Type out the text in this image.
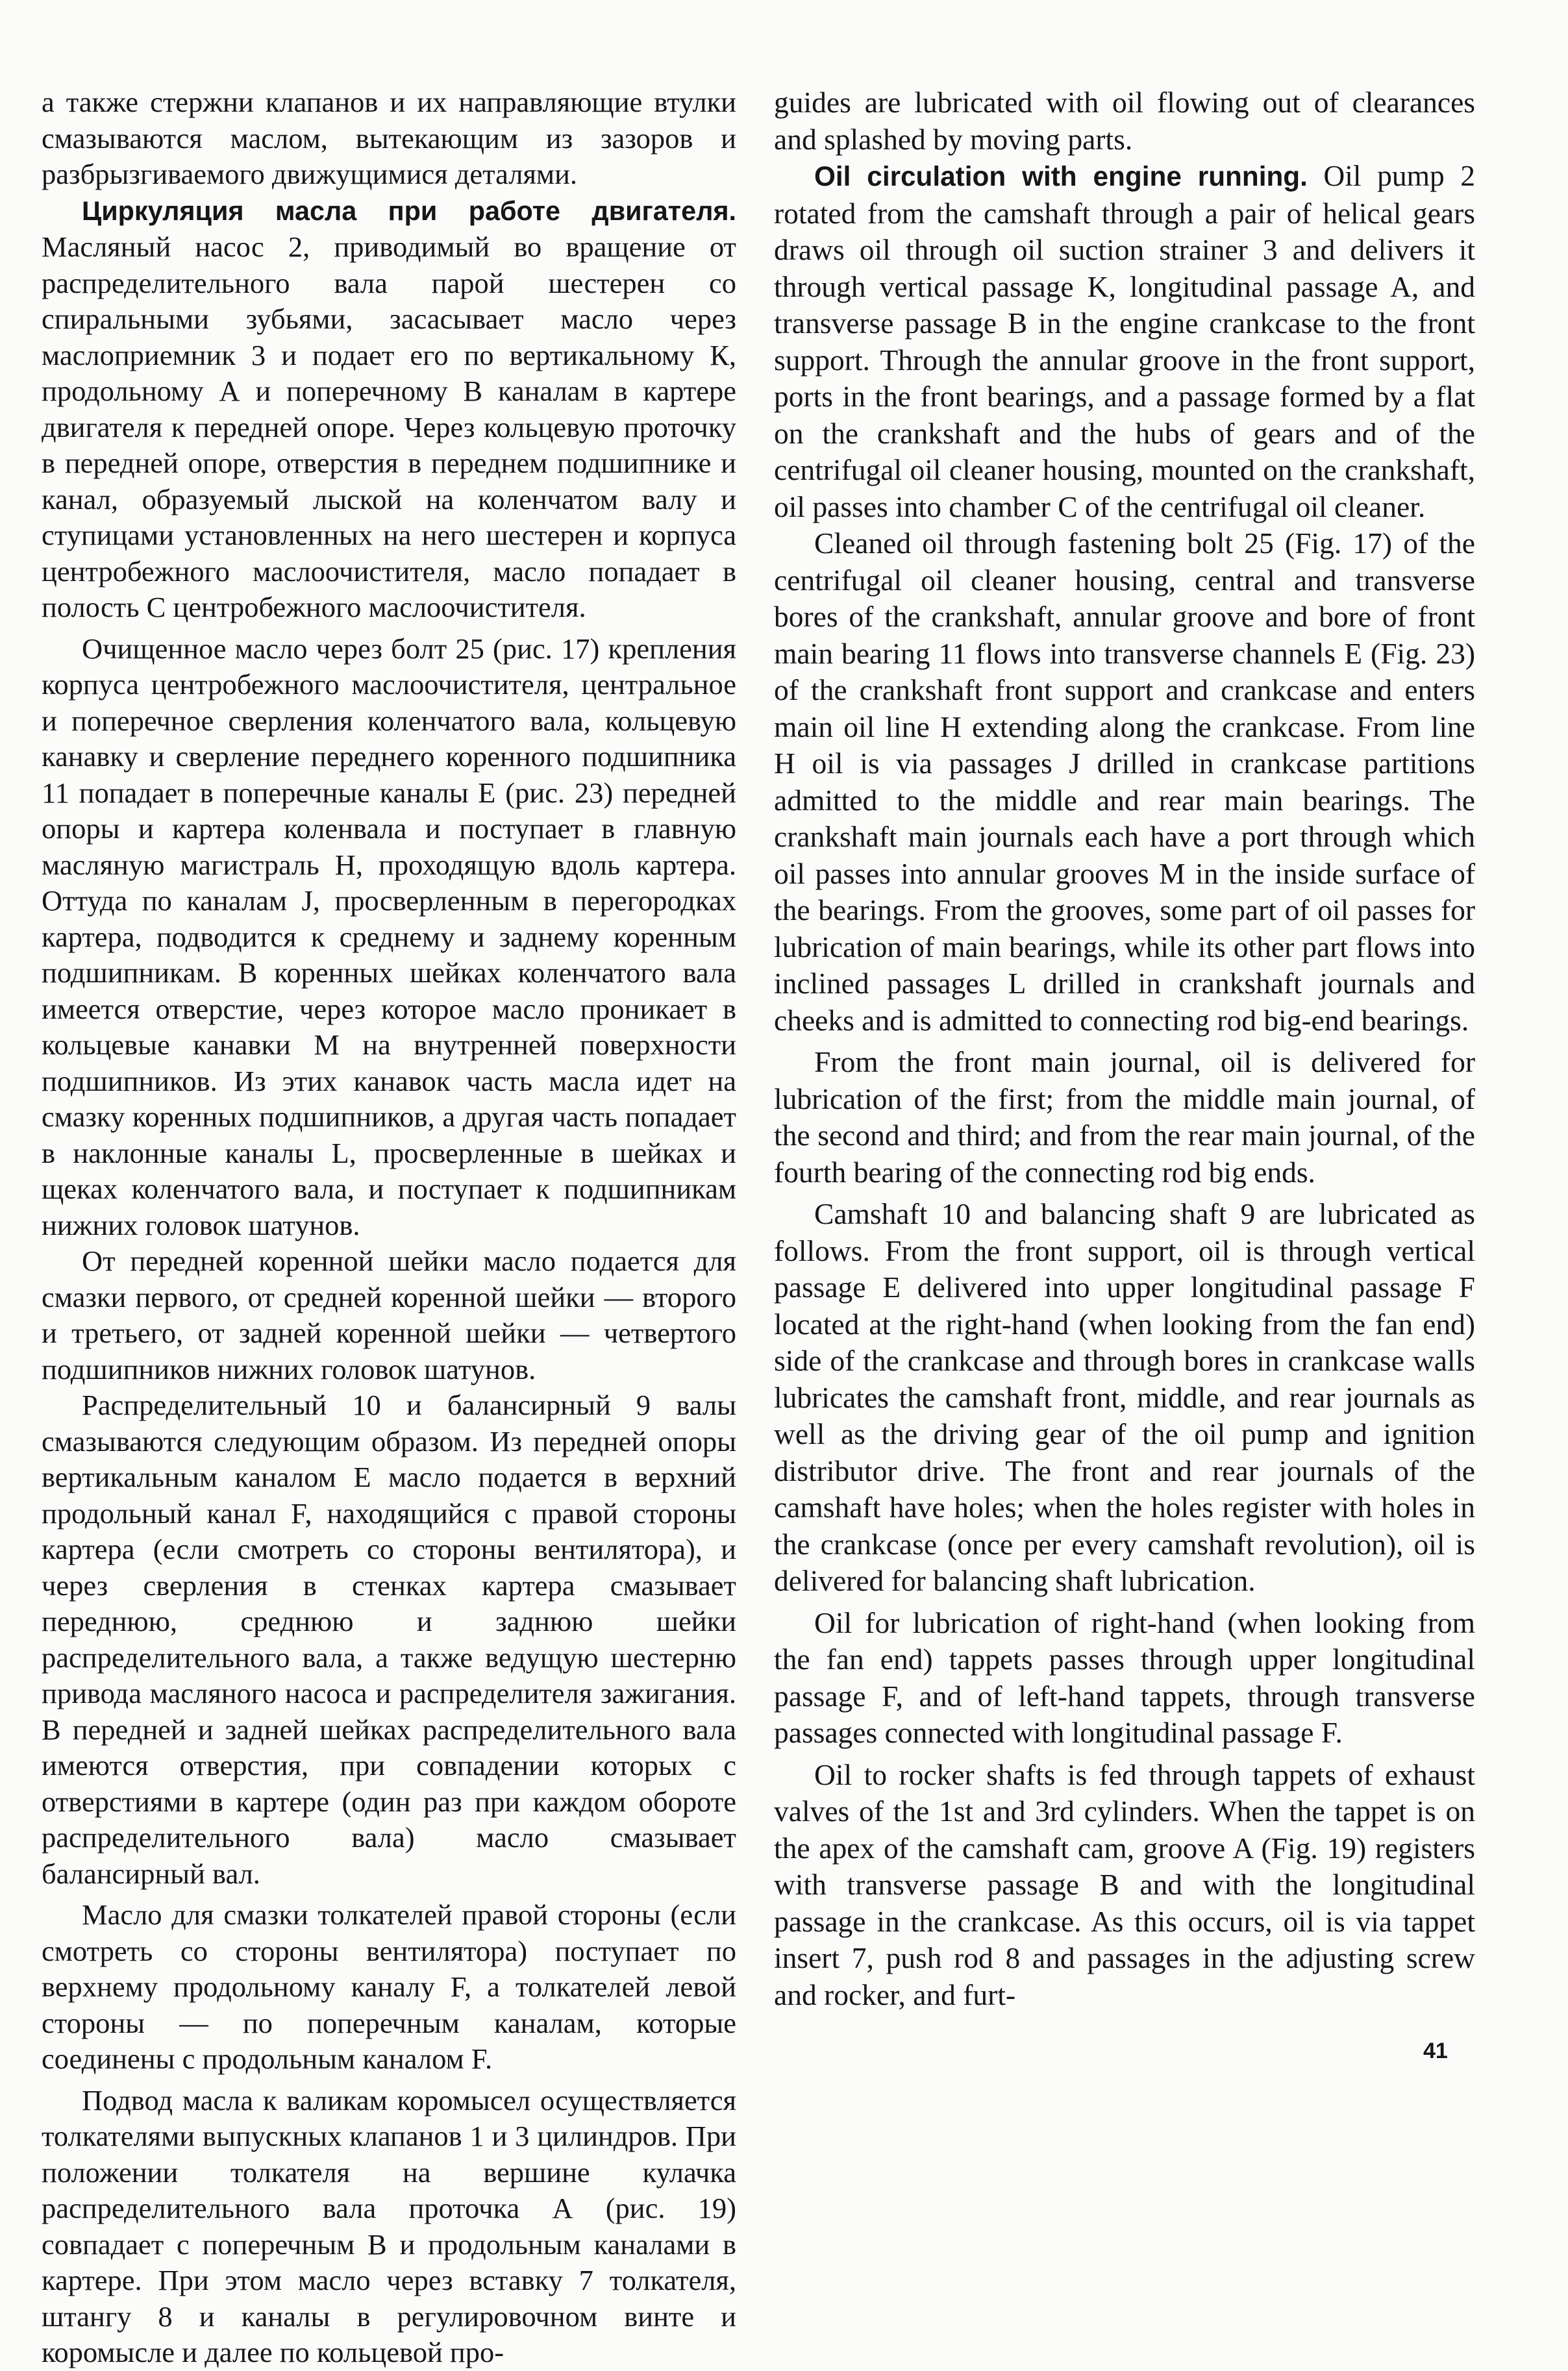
а также стержни клапанов и их направляющие втулки смазываются маслом, вытекающим из зазоров и разбрызгиваемого движущимися деталями.

Циркуляция масла при работе двигателя. Масляный насос 2, приводимый во вращение от распределительного вала парой шестерен со спиральными зубьями, засасывает масло через маслоприемник 3 и подает его по вертикальному К, продольному А и поперечному В каналам в картере двигателя к передней опоре. Через кольцевую проточку в передней опоре, отверстия в переднем подшипнике и канал, образуемый лыской на коленчатом валу и ступицами установленных на него шестерен и корпуса центробежного маслоочистителя, масло попадает в полость С центробежного маслоочистителя.

Очищенное масло через болт 25 (рис. 17) крепления корпуса центробежного маслоочистителя, центральное и поперечное сверления коленчатого вала, кольцевую канавку и сверление переднего коренного подшипника 11 попадает в поперечные каналы Е (рис. 23) передней опоры и картера коленвала и поступает в главную масляную магистраль Н, проходящую вдоль картера. Оттуда по каналам J, просверленным в перегородках картера, подводится к среднему и заднему коренным подшипникам. В коренных шейках коленчатого вала имеется отверстие, через которое масло проникает в кольцевые канавки М на внутренней поверхности подшипников. Из этих канавок часть масла идет на смазку коренных подшипников, а другая часть попадает в наклонные каналы L, просверленные в шейках и щеках коленчатого вала, и поступает к подшипникам нижних головок шатунов.

От передней коренной шейки масло подается для смазки первого, от средней коренной шейки — второго и третьего, от задней коренной шейки — четвертого подшипников нижних головок шатунов.

Распределительный 10 и балансирный 9 валы смазываются следующим образом. Из передней опоры вертикальным каналом Е масло подается в верхний продольный канал F, находящийся с правой стороны картера (если смотреть со стороны вентилятора), и через сверления в стенках картера смазывает переднюю, среднюю и заднюю шейки распределительного вала, а также ведущую шестерню привода масляного насоса и распределителя зажигания. В передней и задней шейках распределительного вала имеются отверстия, при совпадении которых с отверстиями в картере (один раз при каждом обороте распределительного вала) масло смазывает балансирный вал.

Масло для смазки толкателей правой стороны (если смотреть со стороны вентилятора) поступает по верхнему продольному каналу F, а толкателей левой стороны — по поперечным каналам, которые соединены с продольным каналом F.

Подвод масла к валикам коромысел осуществляется толкателями выпускных клапанов 1 и 3 цилиндров. При положении толкателя на вершине кулачка распределительного вала проточка А (рис. 19) совпадает с поперечным В и продольным каналами в картере. При этом масло через вставку 7 толкателя, штангу 8 и каналы в регулировочном винте и коромысле и далее по кольцевой про-

guides are lubricated with oil flowing out of clearances and splashed by moving parts.

Oil circulation with engine running. Oil pump 2 rotated from the camshaft through a pair of helical gears draws oil through oil suction strainer 3 and delivers it through vertical passage K, longitudinal passage A, and transverse passage B in the engine crankcase to the front support. Through the annular groove in the front support, ports in the front bearings, and a passage formed by a flat on the crankshaft and the hubs of gears and of the centrifugal oil cleaner housing, mounted on the crankshaft, oil passes into chamber C of the centrifugal oil cleaner.

Cleaned oil through fastening bolt 25 (Fig. 17) of the centrifugal oil cleaner housing, central and transverse bores of the crankshaft, annular groove and bore of front main bearing 11 flows into transverse channels E (Fig. 23) of the crankshaft front support and crankcase and enters main oil line H extending along the crankcase. From line H oil is via passages J drilled in crankcase partitions admitted to the middle and rear main bearings. The crankshaft main journals each have a port through which oil passes into annular grooves M in the inside surface of the bearings. From the grooves, some part of oil passes for lubrication of main bearings, while its other part flows into inclined passages L drilled in crankshaft journals and cheeks and is admitted to connecting rod big-end bearings.

From the front main journal, oil is delivered for lubrication of the first; from the middle main journal, of the second and third; and from the rear main journal, of the fourth bearing of the connecting rod big ends.

Camshaft 10 and balancing shaft 9 are lubricated as follows. From the front support, oil is through vertical passage E delivered into upper longitudinal passage F located at the right-hand (when looking from the fan end) side of the crankcase and through bores in crankcase walls lubricates the camshaft front, middle, and rear journals as well as the driving gear of the oil pump and ignition distributor drive. The front and rear journals of the camshaft have holes; when the holes register with holes in the crankcase (once per every camshaft revolution), oil is delivered for balancing shaft lubrication.

Oil for lubrication of right-hand (when looking from the fan end) tappets passes through upper longitudinal passage F, and of left-hand tappets, through transverse passages connected with longitudinal passage F.

Oil to rocker shafts is fed through tappets of exhaust valves of the 1st and 3rd cylinders. When the tappet is on the apex of the camshaft cam, groove A (Fig. 19) registers with transverse passage B and with the longitudinal passage in the crankcase. As this occurs, oil is via tappet insert 7, push rod 8 and passages in the adjusting screw and rocker, and furt-

41
